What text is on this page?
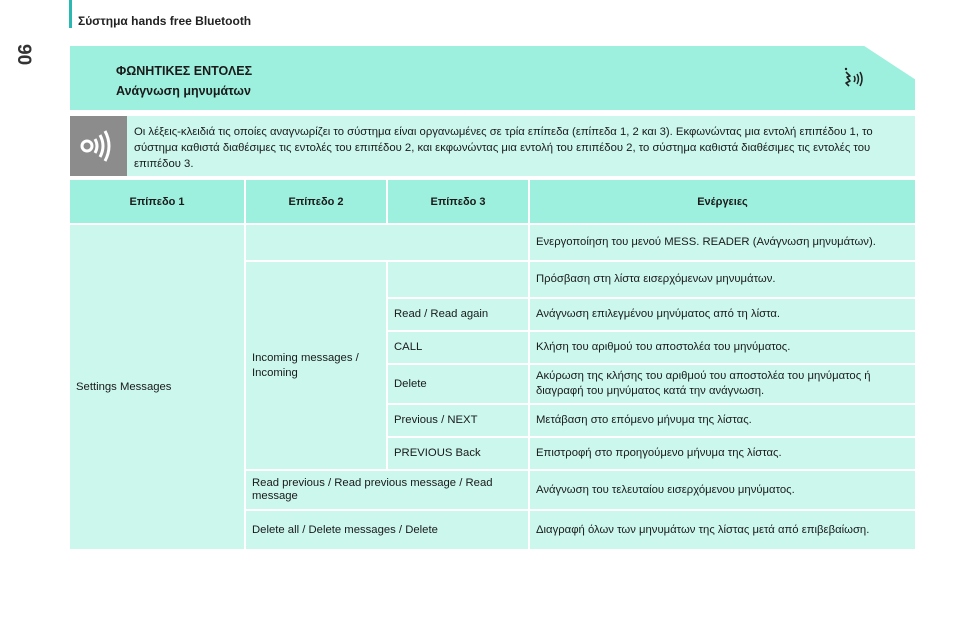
90
Σύστημα hands free Bluetooth
ΦΩΝΗΤΙΚΕΣ ΕΝΤΟΛΕΣ
Ανάγνωση μηνυμάτων
Οι λέξεις-κλειδιά τις οποίες αναγνωρίζει το σύστημα είναι οργανωμένες σε τρία επίπεδα (επίπεδα 1, 2 και 3). Εκφωνώντας μια εντολή επιπέδου 1, το σύστημα καθιστά διαθέσιμες τις εντολές του επιπέδου 2, και εκφωνώντας μια εντολή του επιπέδου 2, το σύστημα καθιστά διαθέσιμες τις εντολές του επιπέδου 3.
Επίπεδο 1	Επίπεδο 2	Επίπεδο 3	Ενέργειες
Settings Messages			Ενεργοποίηση του μενού MESS. READER (Ανάγνωση μηνυμάτων).
	Incoming messages / Incoming		Πρόσβαση στη λίστα εισερχόμενων μηνυμάτων.
		Read / Read again	Ανάγνωση επιλεγμένου μηνύματος από τη λίστα.
		CALL	Κλήση του αριθμού του αποστολέα του μηνύματος.
		Delete	Ακύρωση της κλήσης του αριθμού του αποστολέα του μηνύματος ή διαγραφή του μηνύματος κατά την ανάγνωση.
		Previous / NEXT	Μετάβαση στο επόμενο μήνυμα της λίστας.
		PREVIOUS Back	Επιστροφή στο προηγούμενο μήνυμα της λίστας.
	Read previous / Read previous message / Read message		Ανάγνωση του τελευταίου εισερχόμενου μηνύματος.
	Delete all / Delete messages / Delete		Διαγραφή όλων των μηνυμάτων της λίστας μετά από επιβεβαίωση.
